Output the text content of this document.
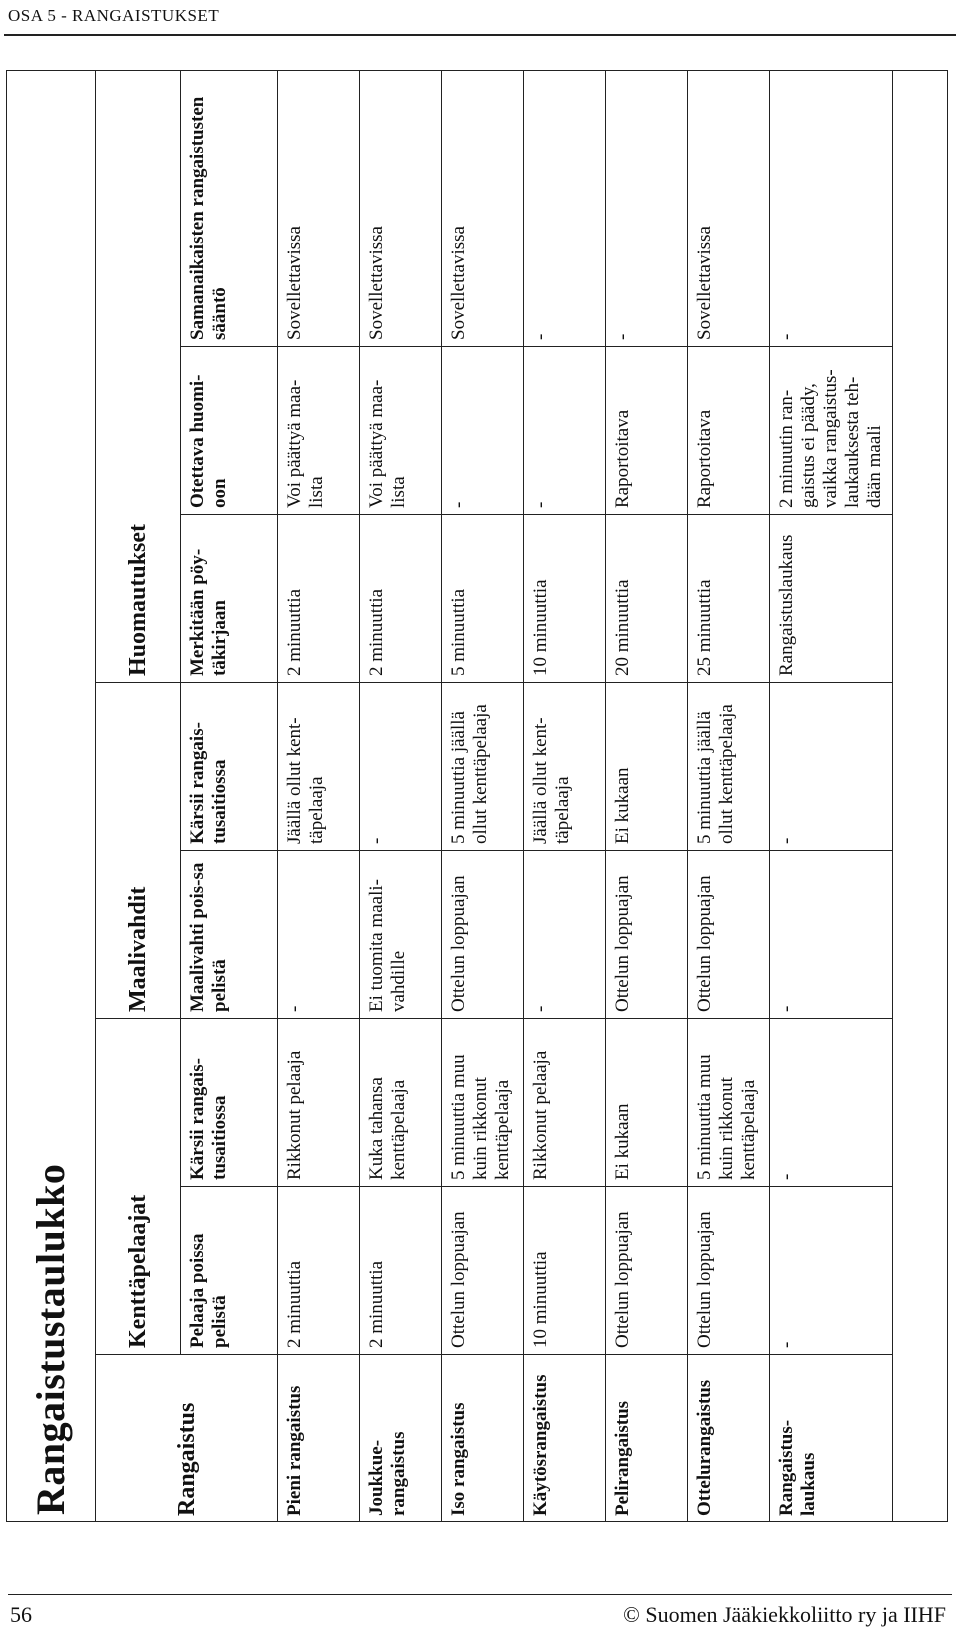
OSA 5 - RANGAISTUKSET
Rangaistustaulukko	Rangaistus	Kenttäpelaajat		Maalivahdit		Huomautukset		
	Pelaaja poissa pelistä	Kärsii rangais-tusaitiossa	Maalivahti pois-sa pelistä	Kärsii rangais-tusaitiossa	Merkitään pöy-täkirjaan	Otettava huomi-oon	Samanaikaisten rangaistusten sääntö
Pieni rangaistus	2 minuuttia	Rikkonut pelaaja	-	Jäällä ollut kent-täpelaaja	2 minuuttia	Voi päättyä maa-lista	Sovellettavissa
Joukkue-rangaistus	2 minuuttia	Kuka tahansa kenttäpelaaja	Ei tuomita maali-vahdille	-	2 minuuttia	Voi päättyä maa-lista	Sovellettavissa
Iso rangaistus	Ottelun loppuajan	5 minuuttia muu kuin rikkonut kenttäpelaaja	Ottelun loppuajan	5 minuuttia jäällä ollut kenttäpelaaja	5 minuuttia	-	Sovellettavissa
Käytösrangaistus	10 minuuttia	Rikkonut pelaaja	-	Jäällä ollut kent-täpelaaja	10 minuuttia	-	-
Pelirangaistus	Ottelun loppuajan	Ei kukaan	Ottelun loppuajan	Ei kukaan	20 minuuttia	Raportoitava	-
Ottelurangaistus	Ottelun loppuajan	5 minuuttia muu kuin rikkonut kenttäpelaaja	Ottelun loppuajan	5 minuuttia jäällä ollut kenttäpelaaja	25 minuuttia	Raportoitava	Sovellettavissa
Rangaistus-laukaus	-	-	-	-	Rangaistuslaukaus	2 minuutin ran-gaistus ei päädy, vaikka rangaistus-laukauksesta teh-dään maali	-
56	© Suomen Jääkiekkoliitto ry ja IIHF
